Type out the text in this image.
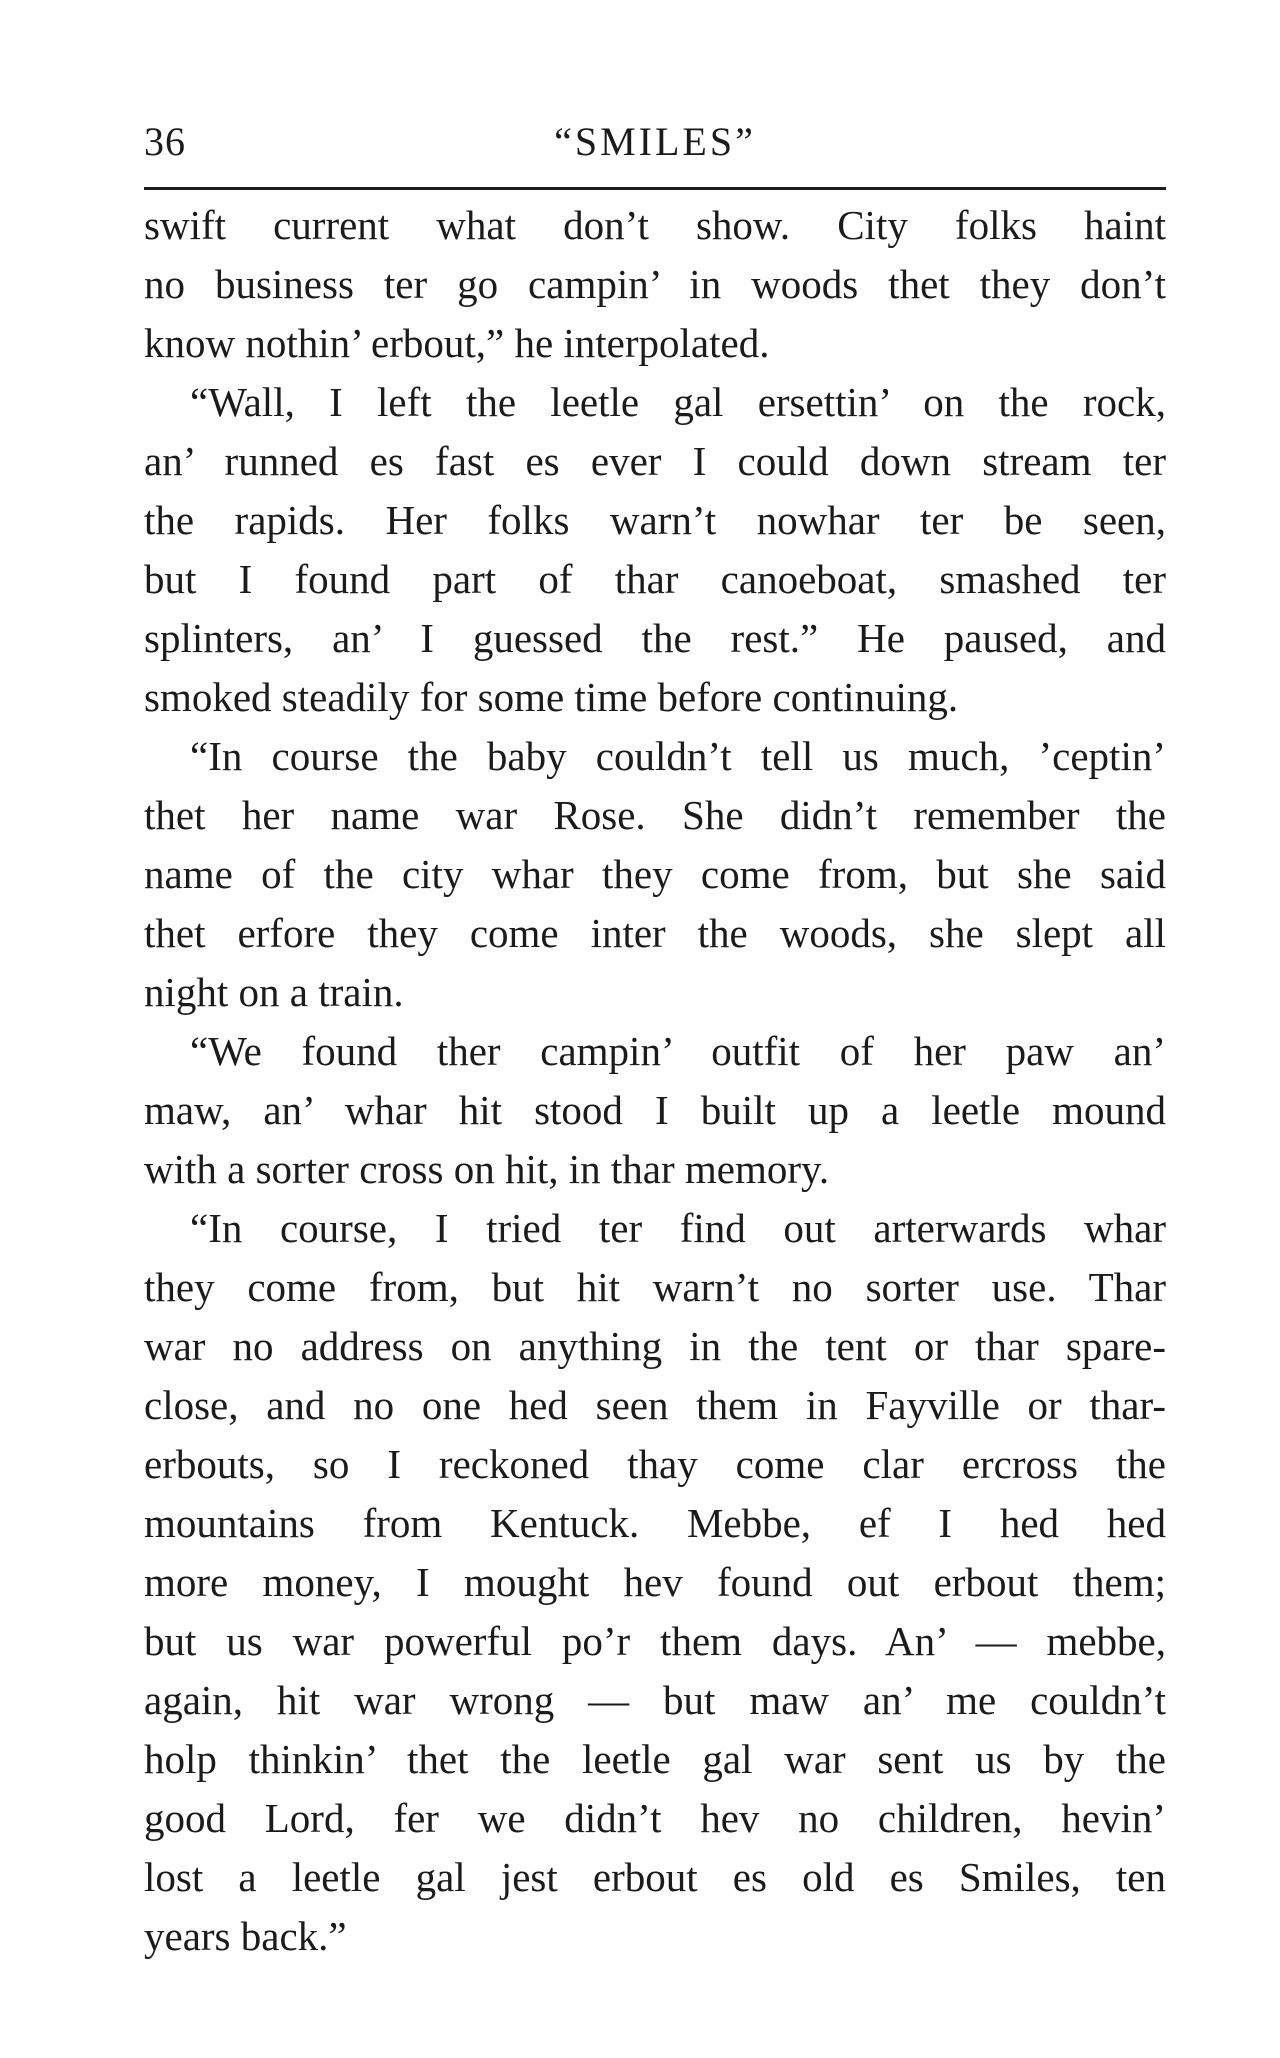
36	“SMILES”
swift current what don’t show. City folks haint
no business ter go campin’ in woods thet they don’t
know nothin’ erbout,” he interpolated.
“Wall, I left the leetle gal ersettin’ on the rock,
an’ runned es fast es ever I could down stream ter
the rapids. Her folks warn’t nowhar ter be seen,
but I found part of thar canoeboat, smashed ter
splinters, an’ I guessed the rest.” He paused, and
smoked steadily for some time before continuing.
“In course the baby couldn’t tell us much, ’ceptin’
thet her name war Rose. She didn’t remember the
name of the city whar they come from, but she said
thet erfore they come inter the woods, she slept all
night on a train.
“We found ther campin’ outfit of her paw an’
maw, an’ whar hit stood I built up a leetle mound
with a sorter cross on hit, in thar memory.
“In course, I tried ter find out arterwards whar
they come from, but hit warn’t no sorter use. Thar
war no address on anything in the tent or thar spare-
close, and no one hed seen them in Fayville or thar-
erbouts, so I reckoned thay come clar ercross the
mountains from Kentuck. Mebbe, ef I hed hed
more money, I mought hev found out erbout them;
but us war powerful po’r them days. An’ — mebbe,
again, hit war wrong — but maw an’ me couldn’t
holp thinkin’ thet the leetle gal war sent us by the
good Lord, fer we didn’t hev no children, hevin’
lost a leetle gal jest erbout es old es Smiles, ten
years back.”
